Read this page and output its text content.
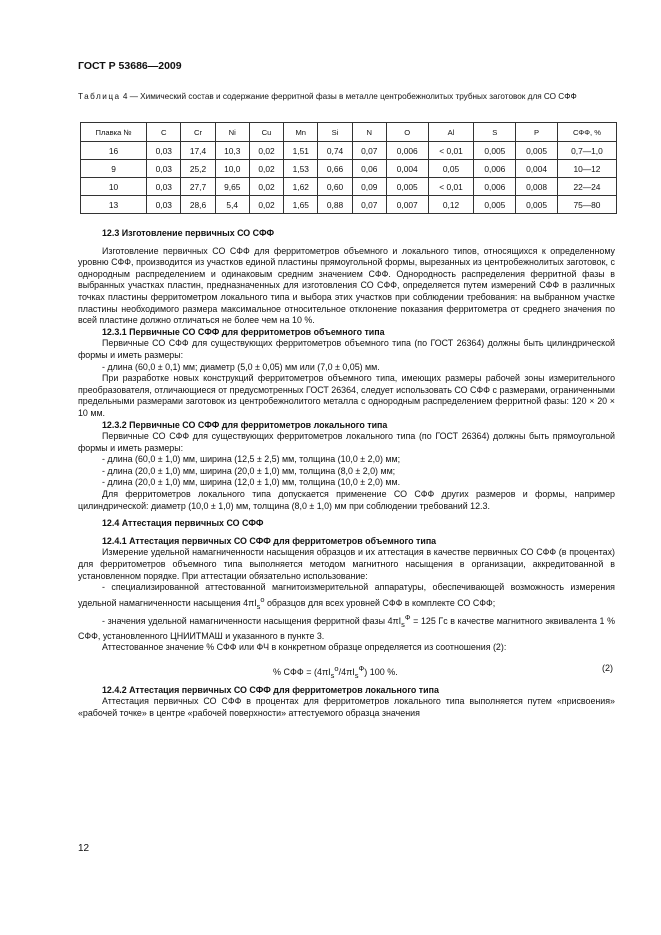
ГОСТ Р 53686—2009
Таблица 4 — Химический состав и содержание ферритной фазы в металле центробежнолитых трубных заготовок для СО СФФ
Плавка №	C	Cr	Ni	Cu	Mn	Si	N	O	Al	S	P	СФФ, %
16	0,03	17,4	10,3	0,02	1,51	0,74	0,07	0,006	< 0,01	0,005	0,005	0,7—1,0
9	0,03	25,2	10,0	0,02	1,53	0,66	0,06	0,004	0,05	0,006	0,004	10—12
10	0,03	27,7	9,65	0,02	1,62	0,60	0,09	0,005	< 0,01	0,006	0,008	22—24
13	0,03	28,6	5,4	0,02	1,65	0,88	0,07	0,007	0,12	0,005	0,005	75—80

12.3 Изготовление первичных СО СФФ

Изготовление первичных СО СФФ для ферритометров объемного и локального типов, относящихся к определенному уровню СФФ, производится из участков единой пластины прямоугольной формы, вырезанных из центробежнолитых заготовок, с однородным распределением и одинаковым средним значением СФФ. Однородность распределения ферритной фазы в выбранных участках пластин, предназначенных для изготовления СО СФФ, определяется путем измерений СФФ в различных точках пластины ферритометром локального типа и выбора этих участков при соблюдении требования: на выбранном участке пластины необходимого размера максимальное относительное отклонение показания ферритометра от среднего значения по всей пластине должно отличаться не более чем на 10 %.

12.3.1 Первичные СО СФФ для ферритометров объемного типа

Первичные СО СФФ для существующих ферритометров объемного типа (по ГОСТ 26364) должны быть цилиндрической формы и иметь размеры:

- длина (60,0 ± 0,1) мм; диаметр (5,0 ± 0,05) мм или (7,0 ± 0,05) мм.

При разработке новых конструкций ферритометров объемного типа, имеющих размеры рабочей зоны измерительного преобразователя, отличающиеся от предусмотренных ГОСТ 26364, следует использовать СО СФФ с размерами, ограниченными предельными размерами заготовок из центробежнолитого металла с однородным распределением ферритной фазы: 120 × 20 × 10 мм.

12.3.2 Первичные СО СФФ для ферритометров локального типа

Первичные СО СФФ для существующих ферритометров локального типа (по ГОСТ 26364) должны быть прямоугольной формы и иметь размеры:

- длина (60,0 ± 1,0) мм, ширина (12,5 ± 2,5) мм, толщина (10,0 ± 2,0) мм;

- длина (20,0 ± 1,0) мм, ширина (20,0 ± 1,0) мм, толщина (8,0 ± 2,0) мм;

- длина (20,0 ± 1,0) мм, ширина (12,0 ± 1,0) мм, толщина (10,0 ± 2,0) мм.

Для ферритометров локального типа допускается применение СО СФФ других размеров и формы, например цилиндрической: диаметр (10,0 ± 1,0) мм, толщина (8,0 ± 1,0) мм при соблюдении требований 12.3.

12.4 Аттестация первичных СО СФФ

12.4.1 Аттестация первичных СО СФФ для ферритометров объемного типа

Измерение удельной намагниченности насыщения образцов и их аттестация в качестве первичных СО СФФ (в процентах) для ферритометров объемного типа выполняется методом магнитного насыщения в организации, аккредитованной в установленном порядке. При аттестации обязательно использование:

- специализированной аттестованной магнитоизмерительной аппаратуры, обеспечивающей возможность измерения удельной намагниченности насыщения $4\pi I_s^o$ образцов для всех уровней СФФ в комплекте СО СФФ;

- значения удельной намагниченности насыщения ферритной фазы $4\pi I_s^Ф = 125$ Гс в качестве магнитного эквивалента 1 % СФФ, установленного ЦНИИТМАШ и указанного в пункте 3.

Аттестованное значение % СФФ или ФЧ в конкретном образце определяется из соотношения (2):

% СФФ = $(4\pi I_s^o/4\pi I_s^Ф)$ 100 %.	(2)

12.4.2 Аттестация первичных СО СФФ для ферритометров локального типа

Аттестация первичных СО СФФ в процентах для ферритометров локального типа выполняется путем «присвоения» «рабочей точке» в центре «рабочей поверхности» аттестуемого образца значения

12
